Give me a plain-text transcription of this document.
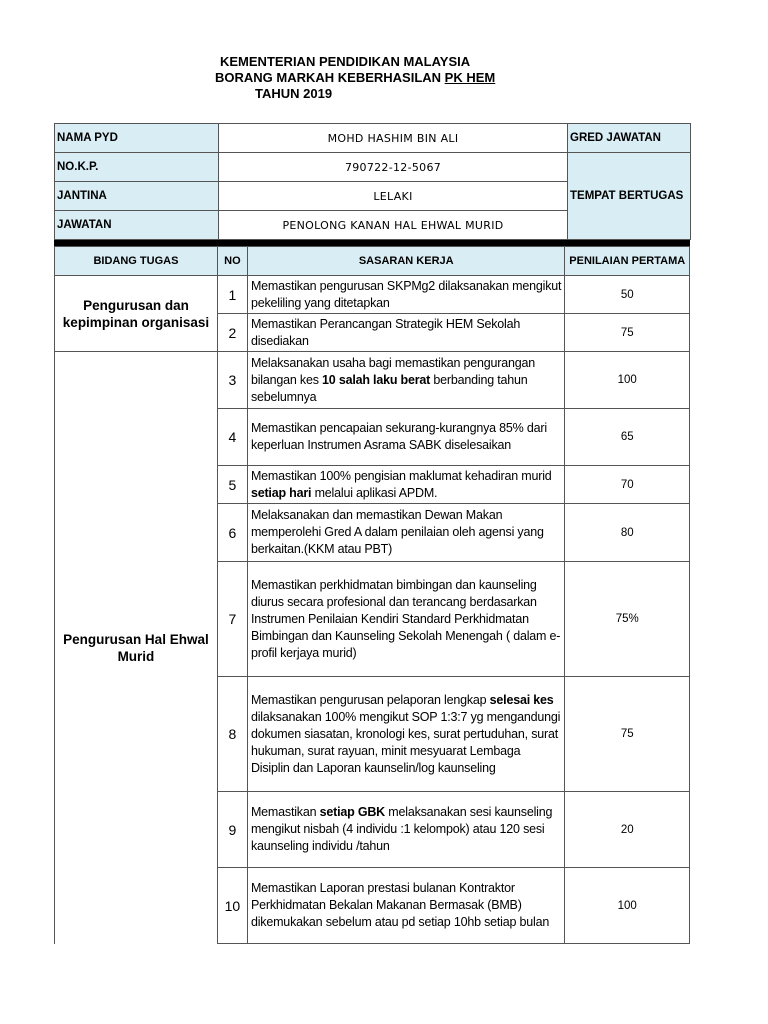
KEMENTERIAN PENDIDIKAN MALAYSIA
BORANG MARKAH KEBERHASILAN PK HEM
TAHUN 2019
NAMA PYD	MOHD HASHIM BIN ALI	GRED JAWATAN
NO.K.P.	790722-12-5067	TEMPAT BERTUGAS
JANTINA	LELAKI	
JAWATAN	PENOLONG KANAN HAL EHWAL MURID	
BIDANG TUGAS	NO	SASARAN KERJA	PENILAIAN PERTAMA
Pengurusan dan kepimpinan organisasi	1	Memastikan pengurusan SKPMg2 dilaksanakan mengikut pekeliling yang ditetapkan	50
	2	Memastikan Perancangan Strategik HEM Sekolah disediakan	75
Pengurusan Hal Ehwal Murid	3	Melaksanakan usaha bagi memastikan pengurangan bilangan kes 10 salah laku berat berbanding tahun sebelumnya	100
	4	Memastikan pencapaian sekurang-kurangnya 85% dari keperluan Instrumen Asrama SABK diselesaikan	65
	5	Memastikan 100% pengisian maklumat kehadiran murid setiap hari melalui aplikasi APDM.	70
	6	Melaksanakan dan memastikan Dewan Makan memperolehi Gred A dalam penilaian oleh agensi yang berkaitan.(KKM atau PBT)	80
	7	Memastikan perkhidmatan bimbingan dan kaunseling diurus secara profesional dan terancang berdasarkan Instrumen Penilaian Kendiri Standard Perkhidmatan Bimbingan dan Kaunseling Sekolah Menengah ( dalam e-profil kerjaya murid)	75%
	8	Memastikan pengurusan pelaporan lengkap selesai kes dilaksanakan 100% mengikut SOP 1:3:7 yg mengandungi dokumen siasatan, kronologi kes, surat pertuduhan, surat hukuman, surat rayuan, minit mesyuarat Lembaga Disiplin dan Laporan kaunselin/log kaunseling	75
	9	Memastikan setiap GBK melaksanakan sesi kaunseling mengikut nisbah (4 individu :1 kelompok) atau 120 sesi kaunseling individu /tahun	20
	10	Memastikan Laporan prestasi bulanan Kontraktor Perkhidmatan Bekalan Makanan Bermasak (BMB) dikemukakan sebelum atau pd setiap 10hb setiap bulan	100
